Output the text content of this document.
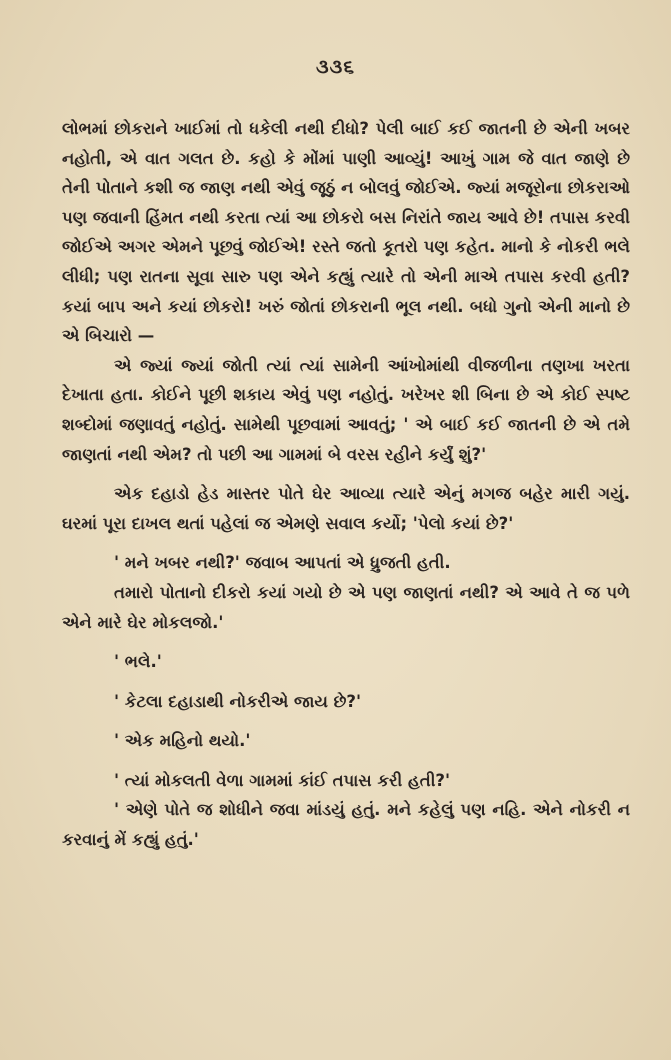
૩૩૬

લોભમાં છોકરાને ખાઈમાં તો ધકેલી નથી દીધો? પેલી બાઈ કઈ જાતની છે એની ખબર નહોતી, એ વાત ગલત છે. કહો કે મોંમાં પાણી આવ્યું! આખું ગામ જે વાત જાણે છે તેની પોતાને કશી જ જાણ નથી એવું જૂઠું ન બોલવું જોઈએ. જ્યાં મજૂરોના છોકરાઓ પણ જવાની હિંમત નથી કરતા ત્યાં આ છોકરો બસ નિરાંતે જાય આવે છે! તપાસ કરવી જોઈએ અગર એમને પૂછવું જોઈએ! રસ્તે જતો કૂતરો પણ કહેત. માનો કે નોકરી ભલે લીધી; પણ રાતના સૂવા સારુ પણ એને કહ્યું ત્યારે તો એની માએ તપાસ કરવી હતી? કયાં બાપ અને કયાં છોકરો! ખરું જોતાં છોકરાની ભૂલ નથી. બધો ગુનો એની માનો છે એ બિચારો —

એ જ્યાં જ્યાં જોતી ત્યાં ત્યાં સામેની આંખોમાંથી વીજળીના તણખા ખરતા દેખાતા હતા. કોઈને પૂછી શકાય એવું પણ નહોતું. ખરેખર શી બિના છે એ કોઈ સ્પષ્ટ શબ્દોમાં જણાવતું નહોતું. સામેથી પૂછવામાં આવતું; ' એ બાઈ કઈ જાતની છે એ તમે જાણતાં નથી એમ? તો પછી આ ગામમાં બે વરસ રહીને કર્યું શું?'

એક દહાડો હેડ માસ્તર પોતે ઘેર આવ્યા ત્યારે એનું મગજ બહેર મારી ગયું. ઘરમાં પૂરા દાખલ થતાં પહેલાં જ એમણે સવાલ કર્યો; 'પેલો કયાં છે?'

' મને ખબર નથી?' જવાબ આપતાં એ ધ્રુજતી હતી.

તમારો પોતાનો દીકરો કયાં ગયો છે એ પણ જાણતાં નથી? એ આવે તે જ પળે એને મારે ઘેર મોકલજો.'

' ભલે.'

' કેટલા દહાડાથી નોકરીએ જાય છે?'

' એક મહિનો થયો.'

' ત્યાં મોકલતી વેળા ગામમાં કાંઈ તપાસ કરી હતી?'

' એણે પોતે જ શોધીને જવા માંડયું હતું. મને કહેલું પણ નહિ. એને નોકરી ન કરવાનું મેં કહ્યું હતું.'
